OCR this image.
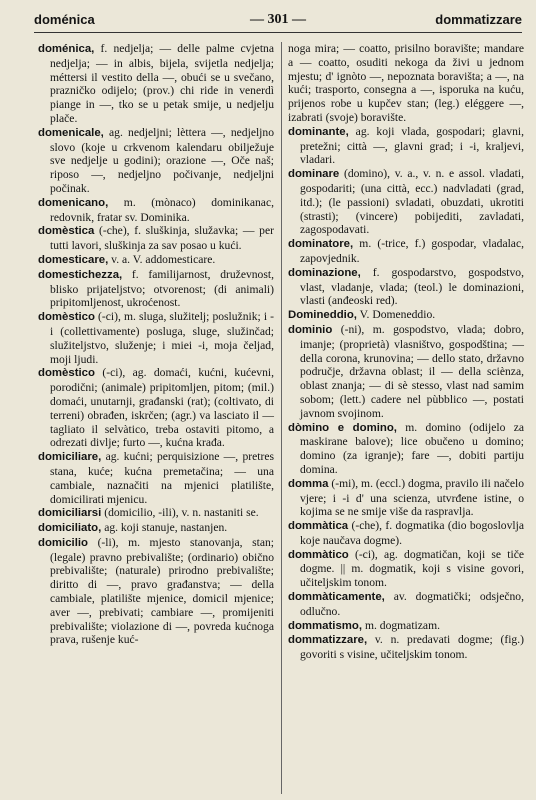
doménica	— 301 —	dommatizzare

doménica, f. nedjelja; — delle palme cvjetna nedjelja; — in albis, bijela, svijetla nedjelja; méttersi il vestito della —, obući se u svečano, prazničko odijelo; (prov.) chi ride in venerdì piange in —, tko se u petak smije, u nedjelju plače.

domenicale, ag. nedjeljni; lèttera —, nedjeljno slovo (koje u crkvenom kalendaru obilježuje sve nedjelje u godini); orazione —, Oče naš; riposo —, nedjeljno počivanje, nedjeljni počinak.

domenicano, m. (mònaco) dominikanac, redovnik, fratar sv. Dominika.

domèstica (-che), f. sluškinja, služavka; — per tutti lavori, sluškinja za sav posao u kući.

domesticare, v. a. V. addomesticare.

domestichezza, f. familijarnost, druževnost, blisko prijateljstvo; otvorenost; (di animali) pripitomljenost, ukroćenost.

domèstico (-ci), m. sluga, služitelj; poslužnik; i -i (collettivamente) posluga, sluge, služinčad; služiteljstvo, služenje; i miei -i, moja čeljad, moji ljudi.

domèstico (-ci), ag. domaći, kućni, kućevni, porodični; (animale) pripitomljen, pitom; (mil.) domaći, unutarnji, građanski (rat); (coltivato, di terreni) obrađen, iskrčen; (agr.) va lasciato il — tagliato il selvàtico, treba ostaviti pitomo, a odrezati divlje; furto —, kućna krađa.

domiciliare, ag. kućni; perquisizione —, pretres stana, kuće; kućna premetačina; — una cambiale, naznačiti na mjenici platilište, domicilirati mjenicu.

domiciliarsi (domicilio, -ili), v. n. nastaniti se.

domiciliato, ag. koji stanuje, nastanjen.

domicilio (-li), m. mjesto stanovanja, stan; (legale) pravno prebivalište; (ordinario) obično prebivalište; (naturale) prirodno prebivalište; diritto di —, pravo građanstva; — della cambiale, platilište mjenice, domicil mjenice; aver —, prebivati; cambiare —, promijeniti prebivalište; violazione di —, povreda kućnoga prava, rušenje kuć-

noga mira; — coatto, prisilno boravište; mandare a — coatto, osuditi nekoga da živi u jednom mjestu; d' ignòto —, nepoznata boravišta; a —, na kući; trasporto, consegna a —, isporuka na kuću, prijenos robe u kupčev stan; (leg.) eléggere —, izabrati (svoje) boravište.

dominante, ag. koji vlada, gospodari; glavni, pretežni; città —, glavni grad; i -i, kraljevi, vladari.

dominare (domino), v. a., v. n. e assol. vladati, gospodariti; (una città, ecc.) nadvladati (grad, itd.); (le passioni) svladati, obuzdati, ukrotiti (strasti); (vincere) pobijediti, zavladati, zagospodavati.

dominatore, m. (-trice, f.) gospodar, vladalac, zapovjednik.

dominazione, f. gospodarstvo, gospodstvo, vlast, vladanje, vlada; (teol.) le dominazioni, vlasti (anđeoski red).

Domineddio, V. Domeneddio.

dominio (-ni), m. gospodstvo, vlada; dobro, imanje; (proprietà) vlasništvo, gospodština; — della corona, krunovina; — dello stato, državno područje, državna oblast; il — della sciènza, oblast znanja; — di sè stesso, vlast nad samim sobom; (lett.) cadere nel pùbblico —, postati javnom svojinom.

dòmino e domino, m. domino (odijelo za maskirane balove); lice obučeno u domino; domino (za igranje); fare —, dobiti partiju domina.

domma (-mi), m. (eccl.) dogma, pravilo ili načelo vjere; i -i d' una scienza, utvrđene istine, o kojima se ne smije više da raspravlja.

dommàtica (-che), f. dogmatika (dio bogoslovlja koje naučava dogme).

dommàtico (-ci), ag. dogmatičan, koji se tiče dogme. || m. dogmatik, koji s visine govori, učiteljskim tonom.

dommàticamente, av. dogmatički; odsječno, odlučno.

dommatismo, m. dogmatizam.

dommatizzare, v. n. predavati dogme; (fig.) govoriti s visine, učiteljskim tonom.
